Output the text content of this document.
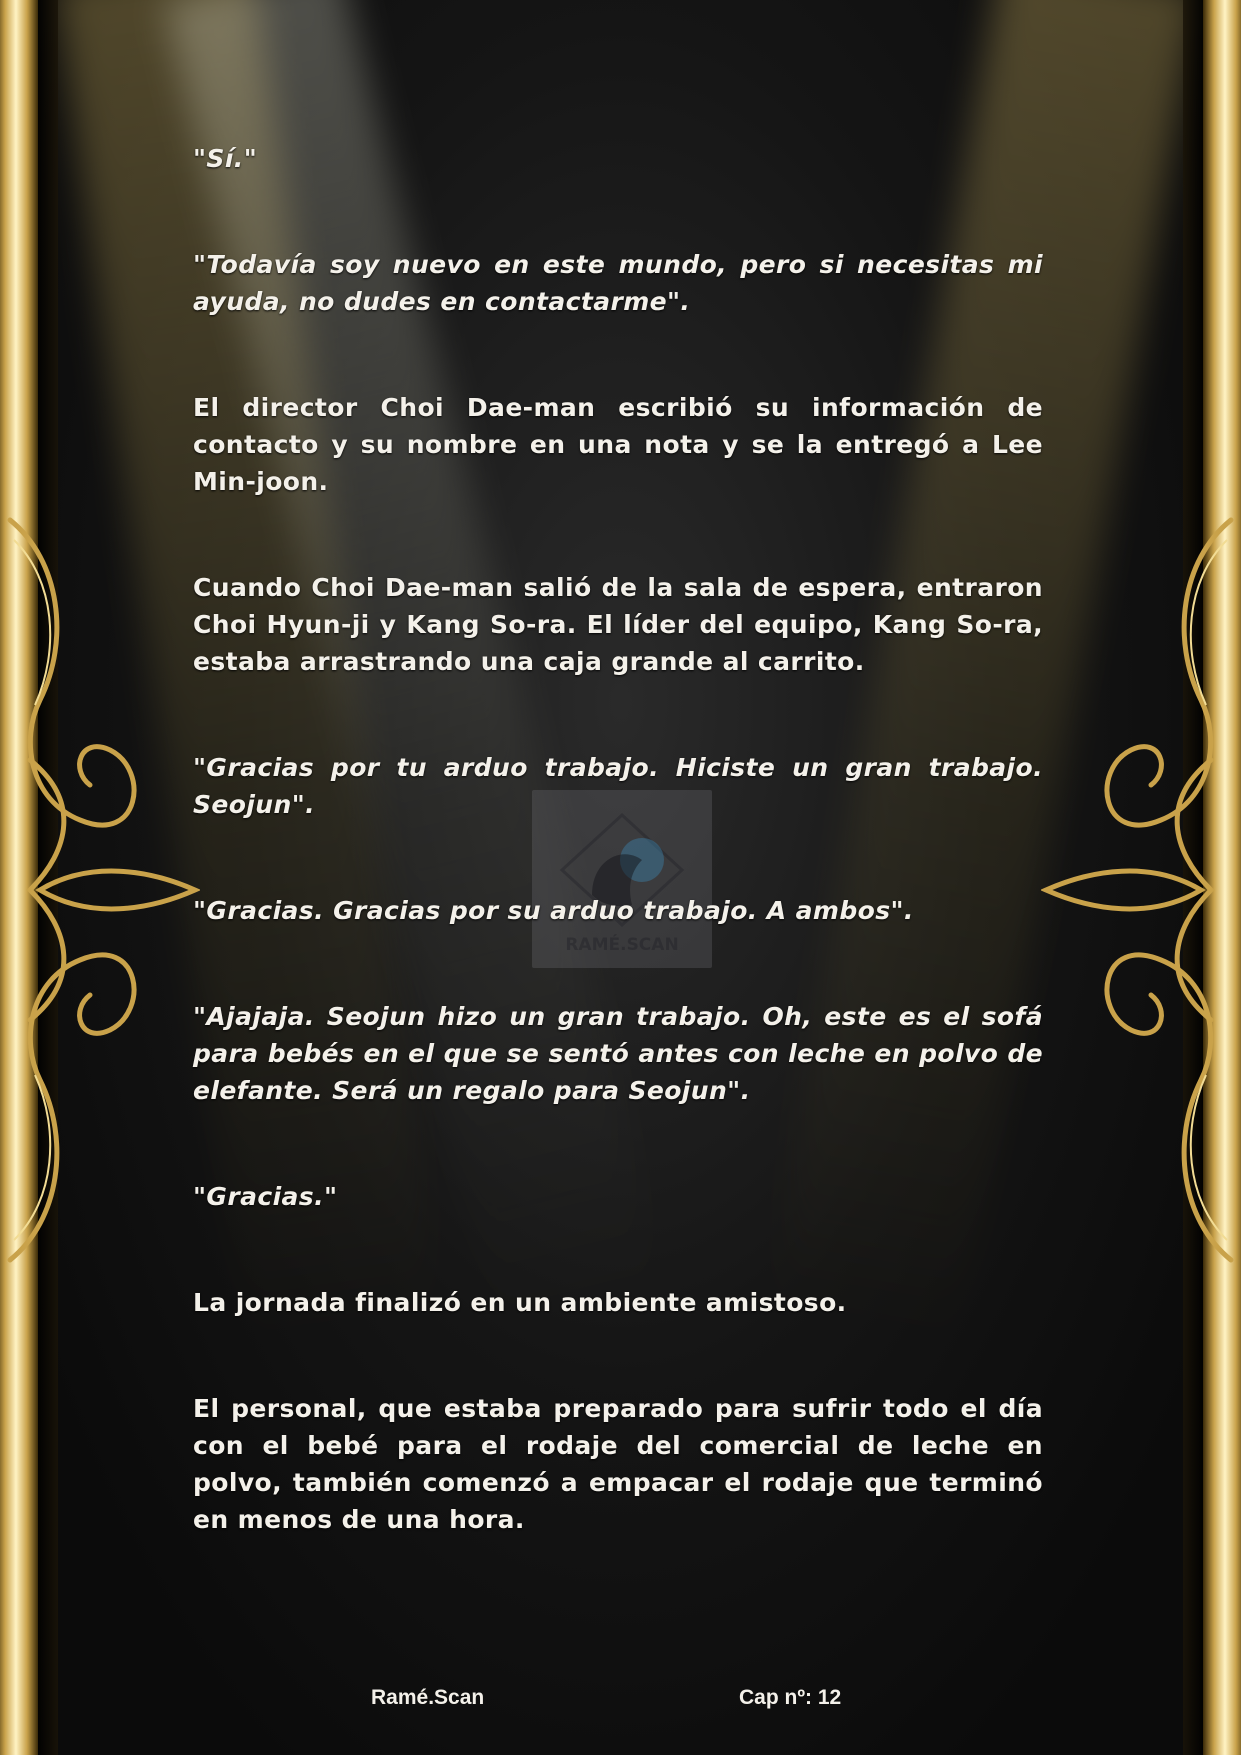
RAMÉ.SCAN

"Sí."

"Todavía soy nuevo en este mundo, pero si necesitas mi ayuda, no dudes en contactarme".

El director Choi Dae-man escribió su información de contacto y su nombre en una nota y se la entregó a Lee Min-joon.

Cuando Choi Dae-man salió de la sala de espera, entraron Choi Hyun-ji y Kang So-ra. El líder del equipo, Kang So-ra, estaba arrastrando una caja grande al carrito.

"Gracias por tu arduo trabajo. Hiciste un gran trabajo. Seojun".

"Gracias. Gracias por su arduo trabajo. A ambos".

"Ajajaja. Seojun hizo un gran trabajo. Oh, este es el sofá para bebés en el que se sentó antes con leche en polvo de elefante. Será un regalo para Seojun".

"Gracias."

La jornada finalizó en un ambiente amistoso.

El personal, que estaba preparado para sufrir todo el día con el bebé para el rodaje del comercial de leche en polvo, también comenzó a empacar el rodaje que terminó en menos de una hora.

Ramé.Scan	Cap nº: 12
